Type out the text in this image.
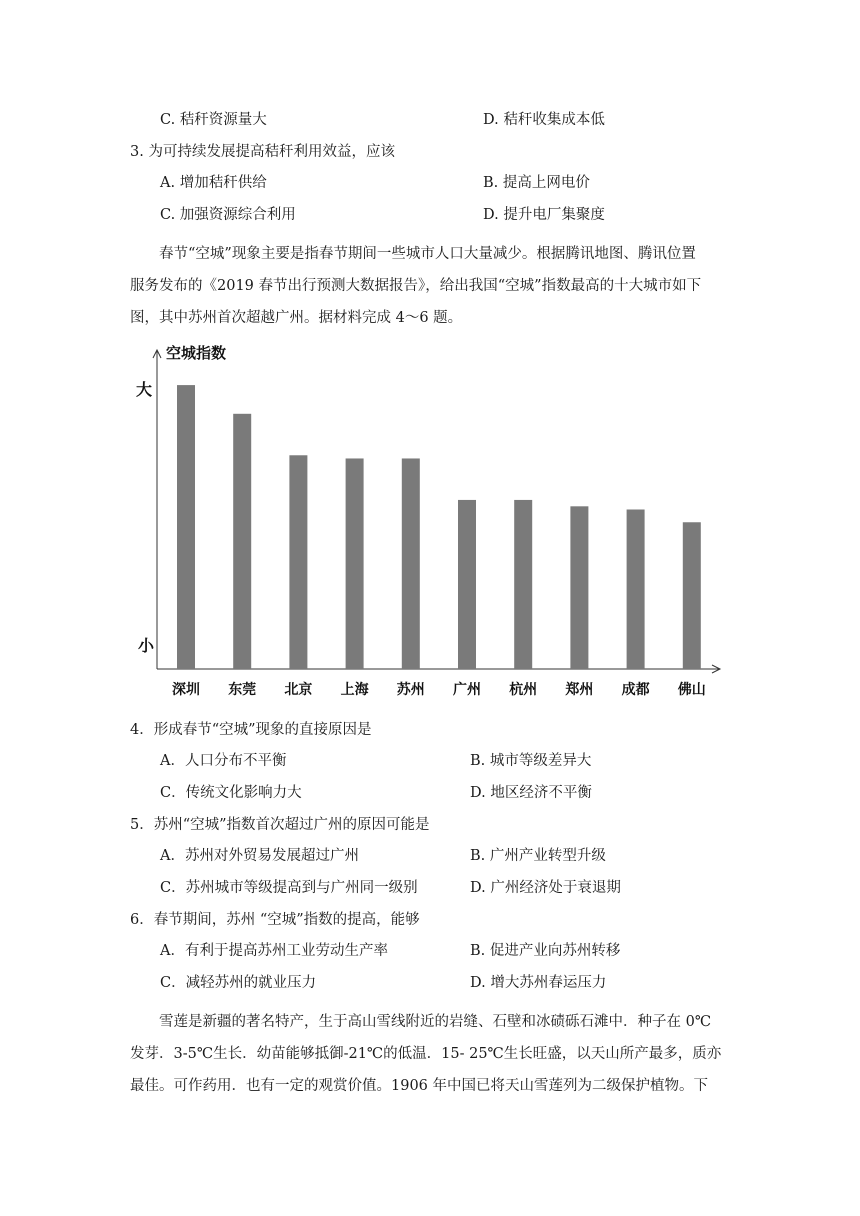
C. 秸秆资源量大	D. 秸秆收集成本低
3. 为可持续发展提高秸秆利用效益，应该
A. 增加秸秆供给	B. 提高上网电价
C. 加强资源综合利用	D. 提升电厂集聚度
春节“空城”现象主要是指春节期间一些城市人口大量减少。根据腾讯地图、腾讯位置
服务发布的《2019 春节出行预测大数据报告》，给出我国“空城”指数最高的十大城市如下
图，其中苏州首次超越广州。据材料完成 4～6 题。
空城指数
大
小
深圳 东莞 北京 上海 苏州 广州 杭州 郑州 成都 佛山
4．形成春节“空城”现象的直接原因是
A．人口分布不平衡	B. 城市等级差异大
C．传统文化影响力大	D. 地区经济不平衡
5．苏州“空城”指数首次超过广州的原因可能是
A．苏州对外贸易发展超过广州	B. 广州产业转型升级
C．苏州城市等级提高到与广州同一级别	D. 广州经济处于衰退期
6．春节期间，苏州 “空城”指数的提高，能够
A．有利于提高苏州工业劳动生产率	B. 促进产业向苏州转移
C．减轻苏州的就业压力	D. 增大苏州春运压力
雪莲是新疆的著名特产，生于高山雪线附近的岩缝、石壁和冰碛砾石滩中．种子在 0℃
发芽．3-5℃生长．幼苗能够抵御-21℃的低温．15- 25℃生长旺盛，以天山所产最多，质亦
最佳。可作药用．也有一定的观赏价值。1906 年中国已将天山雪莲列为二级保护植物。下
